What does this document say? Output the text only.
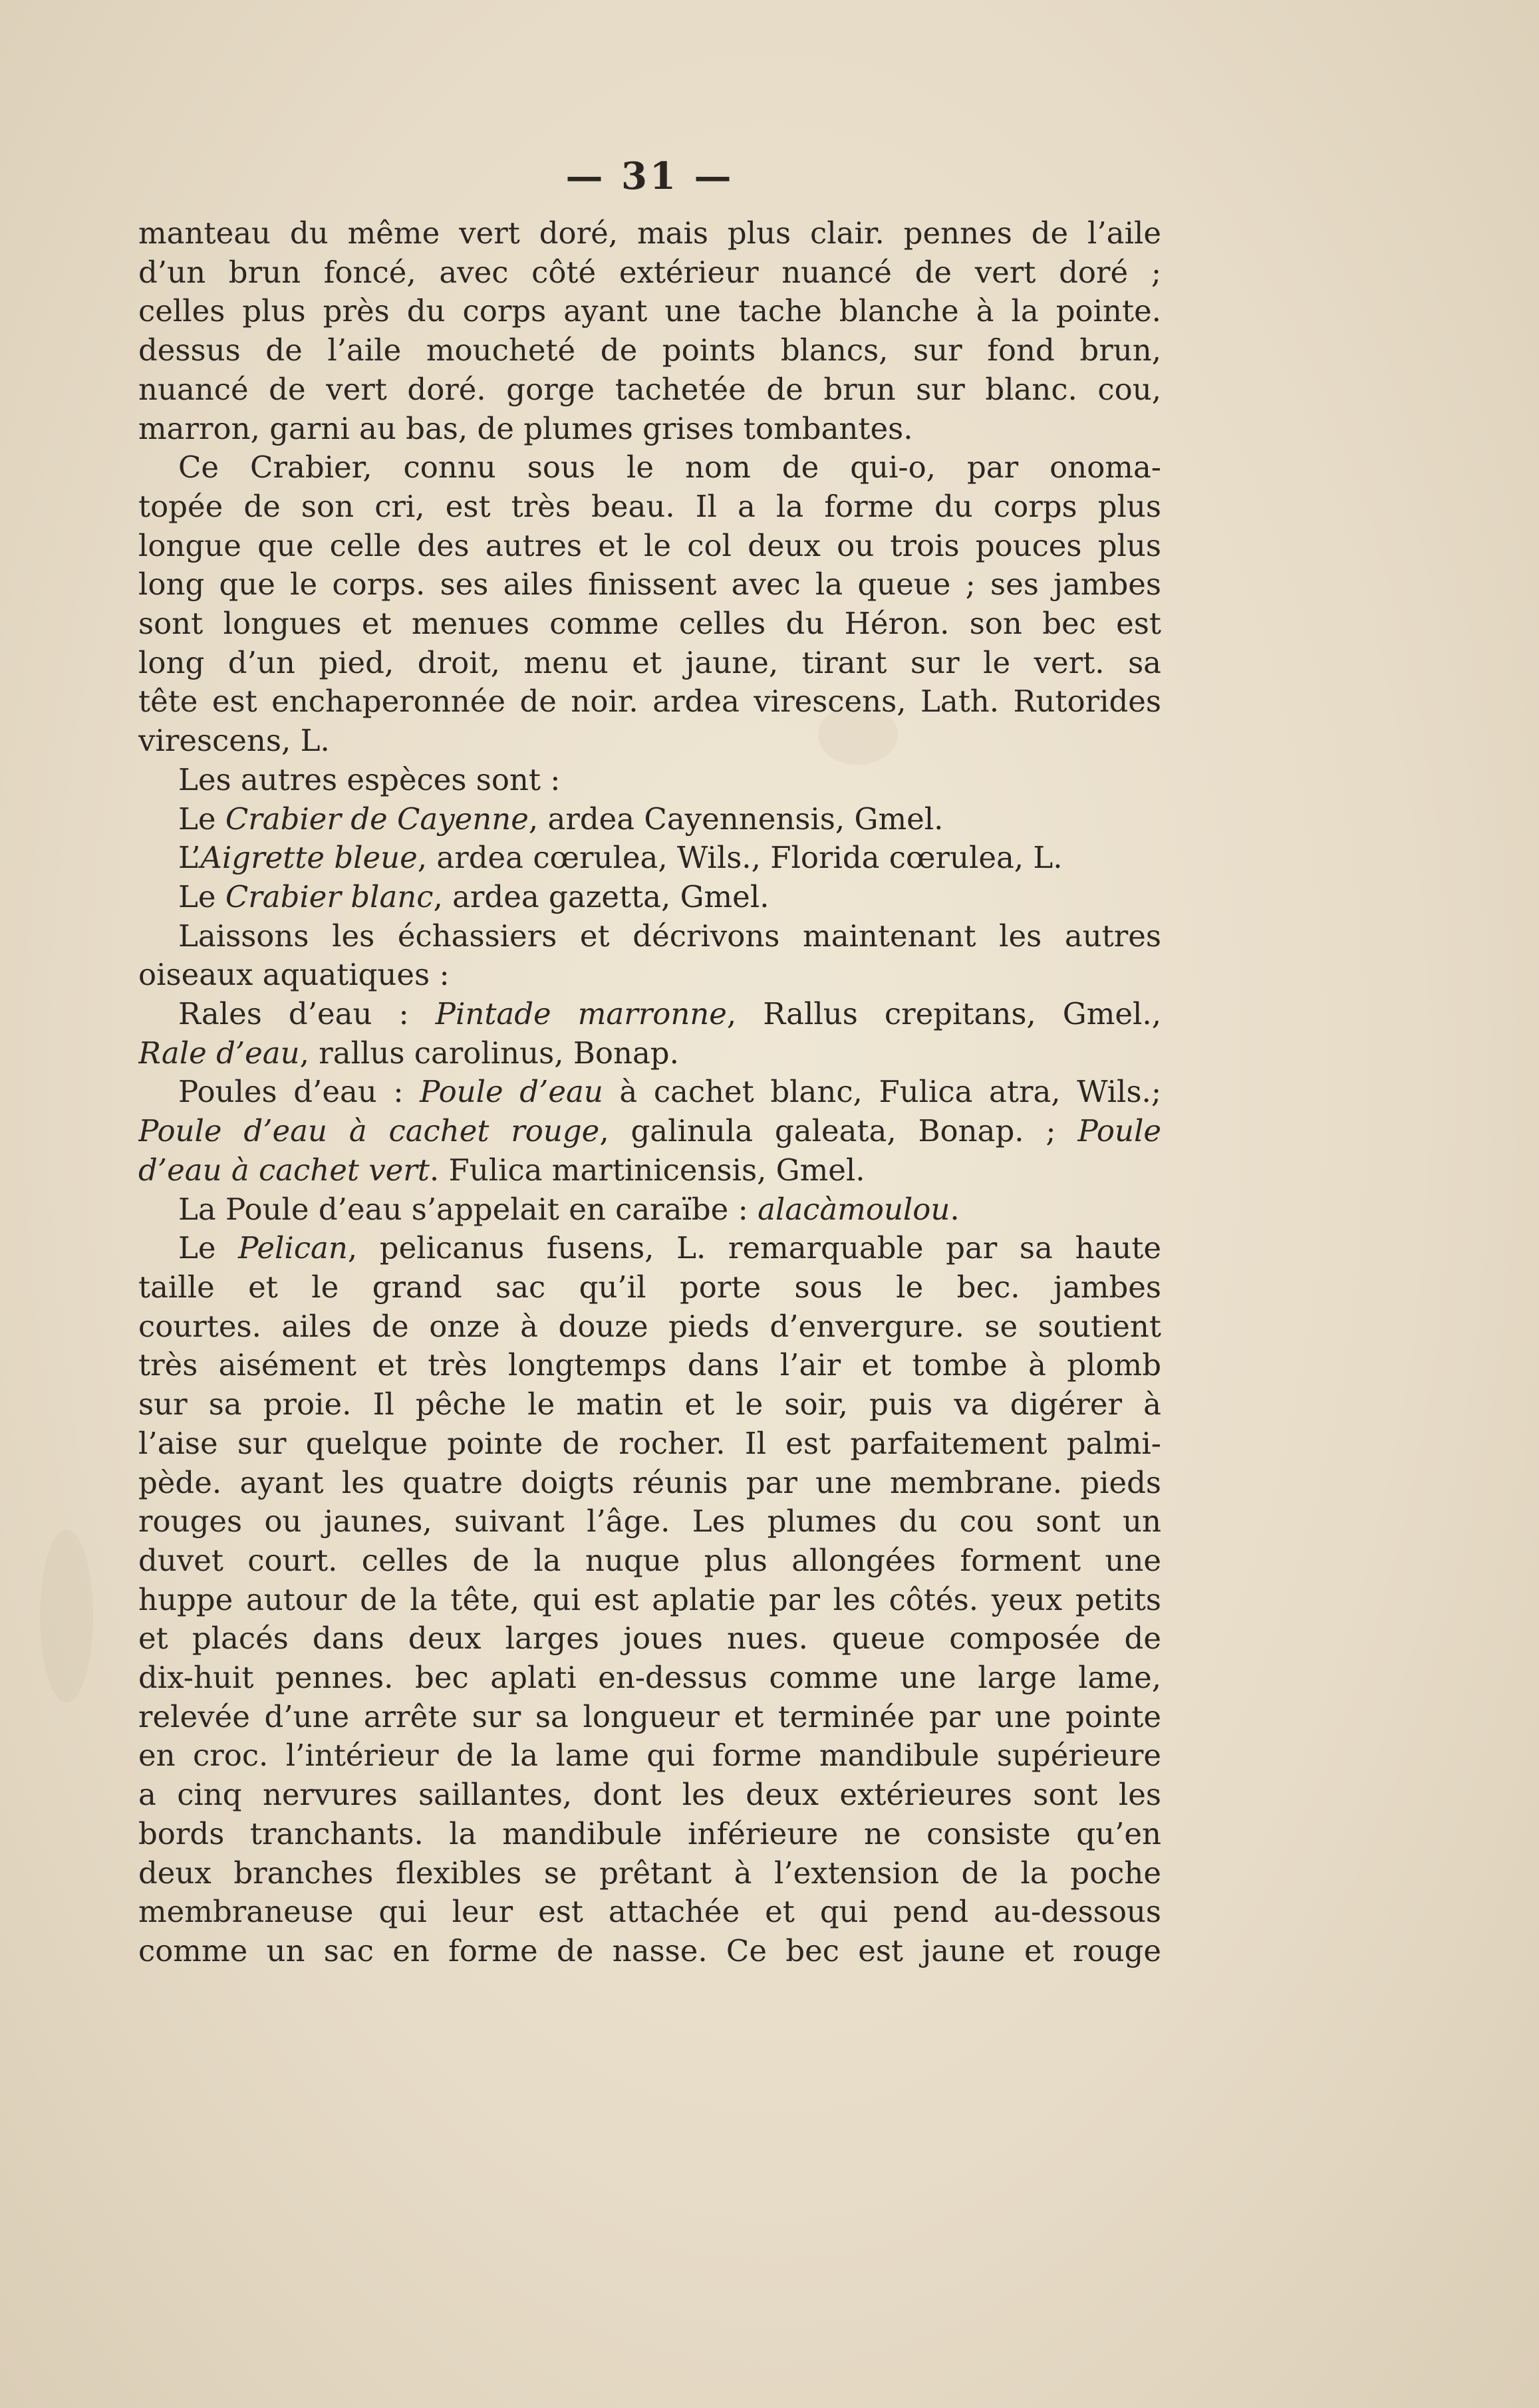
— 31 —
manteau du même vert doré, mais plus clair. pennes de l’aile
d’un brun foncé, avec côté extérieur nuancé de vert doré ;
celles plus près du corps ayant une tache blanche à la pointe.
dessus de l’aile moucheté de points blancs, sur fond brun,
nuancé de vert doré. gorge tachetée de brun sur blanc. cou,
marron, garni au bas, de plumes grises tombantes.
Ce Crabier, connu sous le nom de qui-o, par onoma-
topée de son cri, est très beau. Il a la forme du corps plus
longue que celle des autres et le col deux ou trois pouces plus
long que le corps. ses ailes finissent avec la queue ; ses jambes
sont longues et menues comme celles du Héron. son bec est
long d’un pied, droit, menu et jaune, tirant sur le vert. sa
tête est enchaperonnée de noir. ardea virescens, Lath. Rutorides
virescens, L.
Les autres espèces sont :
Le Crabier de Cayenne, ardea Cayennensis, Gmel.
L’Aigrette bleue, ardea cœrulea, Wils., Florida cœrulea, L.
Le Crabier blanc, ardea gazetta, Gmel.
Laissons les échassiers et décrivons maintenant les autres
oiseaux aquatiques :
Rales d’eau : Pintade marronne, Rallus crepitans, Gmel.,
Rale d’eau, rallus carolinus, Bonap.
Poules d’eau : Poule d’eau à cachet blanc, Fulica atra, Wils.;
Poule d’eau à cachet rouge, galinula galeata, Bonap. ; Poule
d’eau à cachet vert. Fulica martinicensis, Gmel.
La Poule d’eau s’appelait en caraïbe : alacàmoulou.
Le Pelican, pelicanus fusens, L. remarquable par sa haute
taille et le grand sac qu’il porte sous le bec. jambes
courtes. ailes de onze à douze pieds d’envergure. se soutient
très aisément et très longtemps dans l’air et tombe à plomb
sur sa proie. Il pêche le matin et le soir, puis va digérer à
l’aise sur quelque pointe de rocher. Il est parfaitement palmi-
pède. ayant les quatre doigts réunis par une membrane. pieds
rouges ou jaunes, suivant l’âge. Les plumes du cou sont un
duvet court. celles de la nuque plus allongées forment une
huppe autour de la tête, qui est aplatie par les côtés. yeux petits
et placés dans deux larges joues nues. queue composée de
dix-huit pennes. bec aplati en-dessus comme une large lame,
relevée d’une arrête sur sa longueur et terminée par une pointe
en croc. l’intérieur de la lame qui forme mandibule supérieure
a cinq nervures saillantes, dont les deux extérieures sont les
bords tranchants. la mandibule inférieure ne consiste qu’en
deux branches flexibles se prêtant à l’extension de la poche
membraneuse qui leur est attachée et qui pend au-dessous
comme un sac en forme de nasse. Ce bec est jaune et rouge
